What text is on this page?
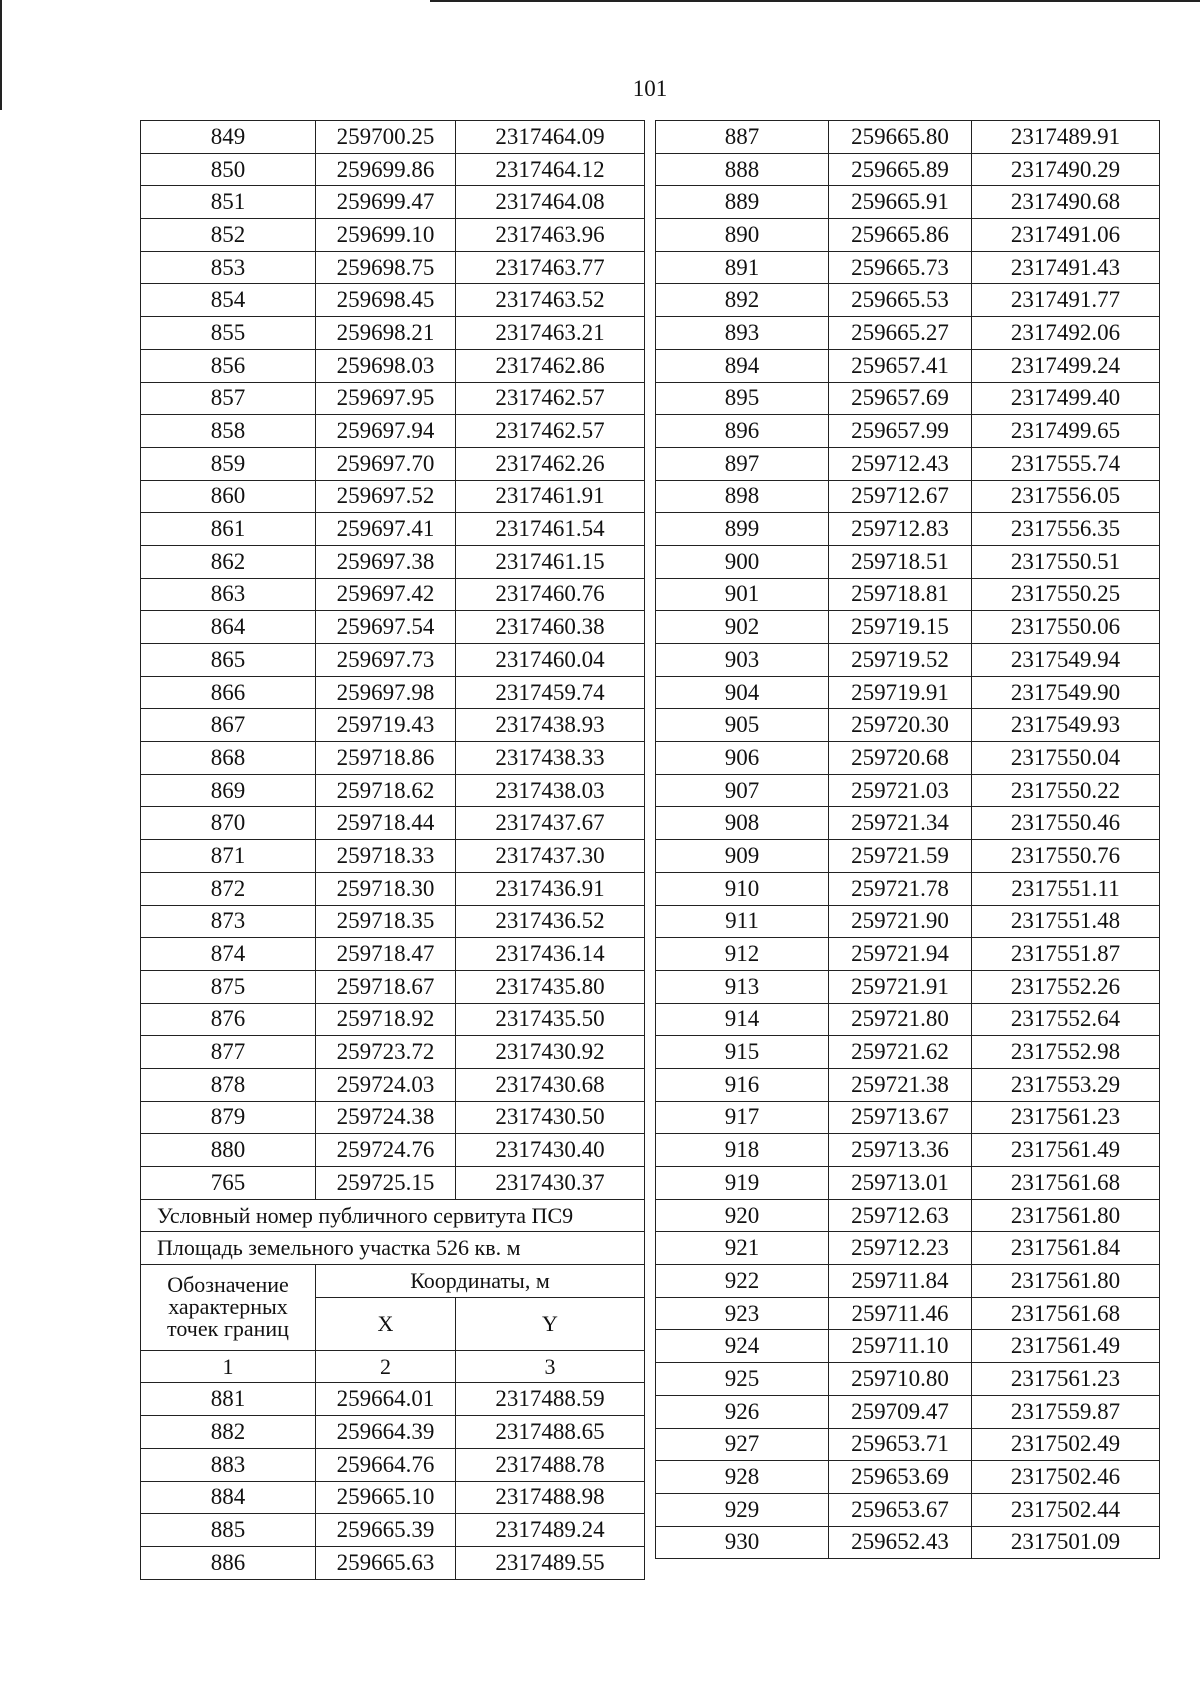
101
849	259700.25	2317464.09
850	259699.86	2317464.12
851	259699.47	2317464.08
852	259699.10	2317463.96
853	259698.75	2317463.77
854	259698.45	2317463.52
855	259698.21	2317463.21
856	259698.03	2317462.86
857	259697.95	2317462.57
858	259697.94	2317462.57
859	259697.70	2317462.26
860	259697.52	2317461.91
861	259697.41	2317461.54
862	259697.38	2317461.15
863	259697.42	2317460.76
864	259697.54	2317460.38
865	259697.73	2317460.04
866	259697.98	2317459.74
867	259719.43	2317438.93
868	259718.86	2317438.33
869	259718.62	2317438.03
870	259718.44	2317437.67
871	259718.33	2317437.30
872	259718.30	2317436.91
873	259718.35	2317436.52
874	259718.47	2317436.14
875	259718.67	2317435.80
876	259718.92	2317435.50
877	259723.72	2317430.92
878	259724.03	2317430.68
879	259724.38	2317430.50
880	259724.76	2317430.40
765	259725.15	2317430.37
Условный номер публичного сервитута ПС9		
Площадь земельного участка 526 кв. м		
Обозначение характерных точек границ	Координаты, м	
	X	Y
1	2	3
881	259664.01	2317488.59
882	259664.39	2317488.65
883	259664.76	2317488.78
884	259665.10	2317488.98
885	259665.39	2317489.24
886	259665.63	2317489.55
887	259665.80	2317489.91
888	259665.89	2317490.29
889	259665.91	2317490.68
890	259665.86	2317491.06
891	259665.73	2317491.43
892	259665.53	2317491.77
893	259665.27	2317492.06
894	259657.41	2317499.24
895	259657.69	2317499.40
896	259657.99	2317499.65
897	259712.43	2317555.74
898	259712.67	2317556.05
899	259712.83	2317556.35
900	259718.51	2317550.51
901	259718.81	2317550.25
902	259719.15	2317550.06
903	259719.52	2317549.94
904	259719.91	2317549.90
905	259720.30	2317549.93
906	259720.68	2317550.04
907	259721.03	2317550.22
908	259721.34	2317550.46
909	259721.59	2317550.76
910	259721.78	2317551.11
911	259721.90	2317551.48
912	259721.94	2317551.87
913	259721.91	2317552.26
914	259721.80	2317552.64
915	259721.62	2317552.98
916	259721.38	2317553.29
917	259713.67	2317561.23
918	259713.36	2317561.49
919	259713.01	2317561.68
920	259712.63	2317561.80
921	259712.23	2317561.84
922	259711.84	2317561.80
923	259711.46	2317561.68
924	259711.10	2317561.49
925	259710.80	2317561.23
926	259709.47	2317559.87
927	259653.71	2317502.49
928	259653.69	2317502.46
929	259653.67	2317502.44
930	259652.43	2317501.09
